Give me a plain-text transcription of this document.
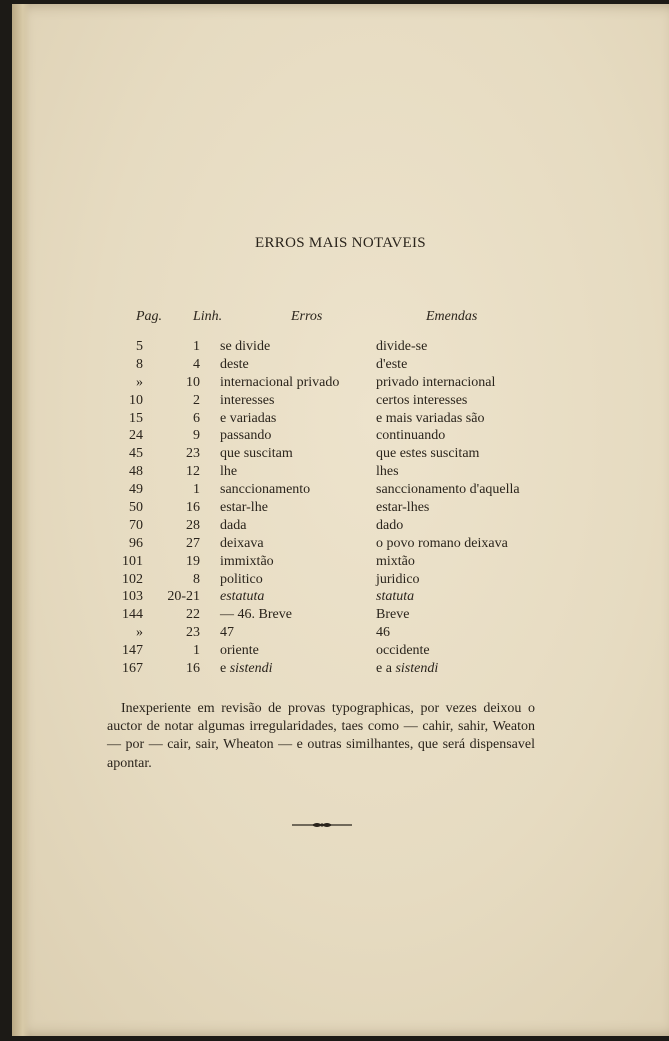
ERROS MAIS NOTAVEIS
Pag. Linh.	Erros	Emendas
5	1 se divide	divide-se
8	4 deste	d'este
»	10 internacional privado	privado internacional
10	2 interesses	certos interesses
15	6 e variadas	e mais variadas são
24	9 passando	continuando
45	23 que suscitam	que estes suscitam
48	12 lhe	lhes
49	1 sanccionamento	sanccionamento d'aquella
50	16 estar-lhe	estar-lhes
70	28 dada	dado
96	27 deixava	o povo romano deixava
101	19 immixtão	mixtão
102	8 politico	juridico
103	20-21 estatuta	statuta
144	22 — 46. Breve	Breve
»	23 47	46
147	1 oriente	occidente
167	16 e sistendi	e a sistendi
Inexperiente em revisão de provas typographicas, por vezes deixou o auctor de notar algumas irregularidades, taes como — cahir, sahir, Weaton — por — cair, sair, Wheaton — e outras similhantes, que será dispensavel apontar.
